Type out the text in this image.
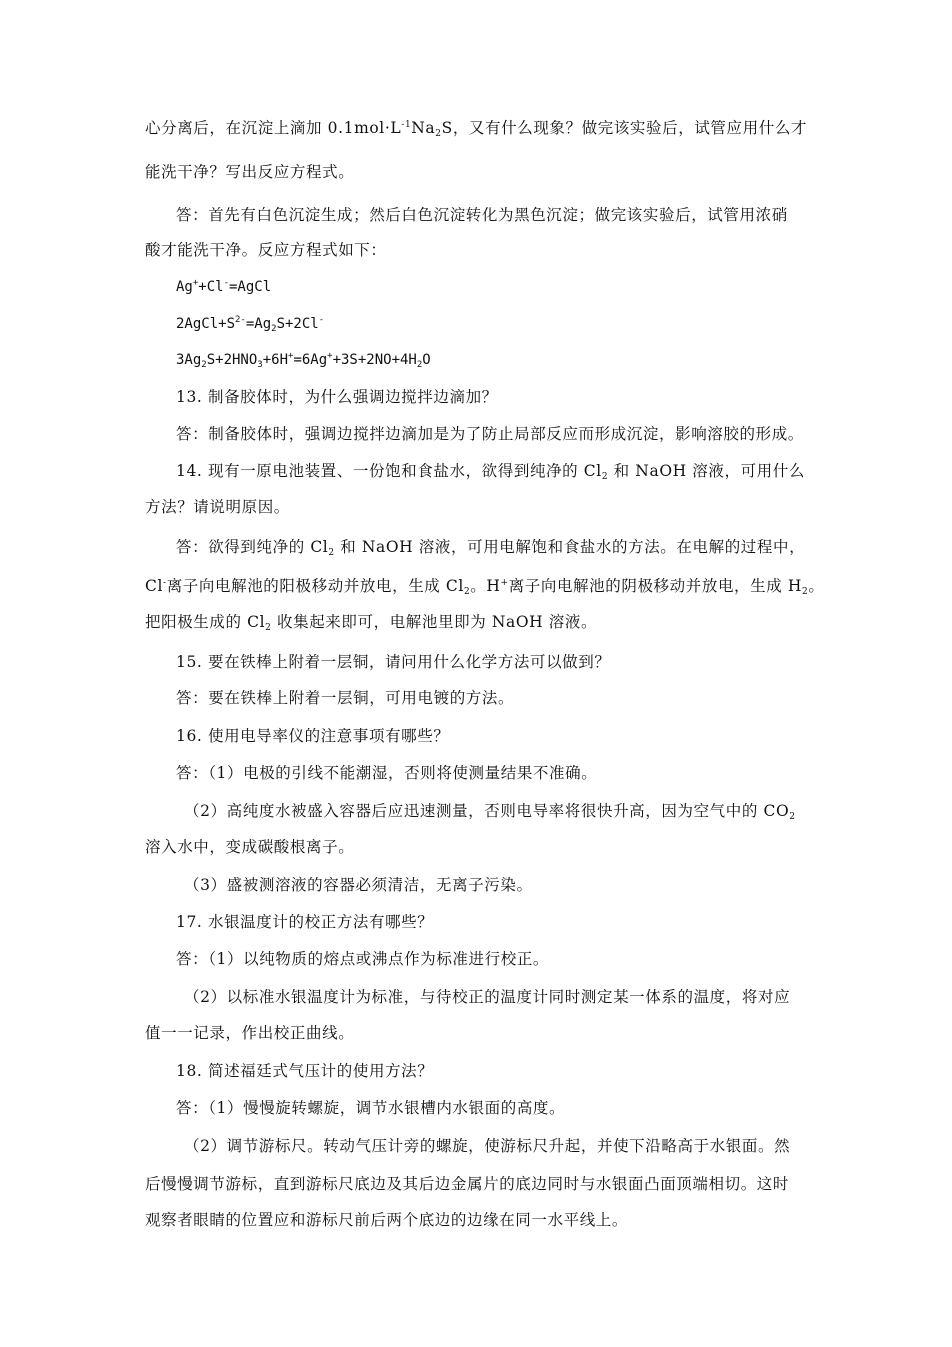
心分离后，在沉淀上滴加 $0.1mol\cdot L^{-1}Na_2S$，又有什么现象？做完该实验后，试管应用什么才
能洗干净？写出反应方程式。
答：首先有白色沉淀生成；然后白色沉淀转化为黑色沉淀；做完该实验后，试管用浓硝
酸才能洗干净。反应方程式如下：
Ag++Cl-=AgCl
$2AgCl+S^{2-}=Ag_2S+2Cl^-$
$3Ag_2S+2HNO_3+6H^+=6Ag^++3S+2NO+4H_2O$
13. 制备胶体时，为什么强调边搅拌边滴加？
答：制备胶体时，强调边搅拌边滴加是为了防止局部反应而形成沉淀，影响溶胶的形成。
14. 现有一原电池装置、一份饱和食盐水，欲得到纯净的 $Cl_2$ 和 NaOH 溶液，可用什么
方法？请说明原因。
答：欲得到纯净的 $Cl_2$ 和 NaOH 溶液，可用电解饱和食盐水的方法。在电解的过程中，
Cl-离子向电解池的阳极移动并放电，生成 $Cl_2$。H+离子向电解池的阴极移动并放电，生成 $H_2$。
把阳极生成的 $Cl_2$ 收集起来即可，电解池里即为 NaOH 溶液。
15. 要在铁棒上附着一层铜，请问用什么化学方法可以做到？
答：要在铁棒上附着一层铜，可用电镀的方法。
16. 使用电导率仪的注意事项有哪些？
答：（1）电极的引线不能潮湿，否则将使测量结果不准确。
（2）高纯度水被盛入容器后应迅速测量，否则电导率将很快升高，因为空气中的 $CO_2$
溶入水中，变成碳酸根离子。
（3）盛被测溶液的容器必须清洁，无离子污染。
17. 水银温度计的校正方法有哪些？
答：（1）以纯物质的熔点或沸点作为标准进行校正。
（2）以标准水银温度计为标准，与待校正的温度计同时测定某一体系的温度，将对应
值一一记录，作出校正曲线。
18. 简述福廷式气压计的使用方法？
答：（1）慢慢旋转螺旋，调节水银槽内水银面的高度。
（2）调节游标尺。转动气压计旁的螺旋，使游标尺升起，并使下沿略高于水银面。然
后慢慢调节游标，直到游标尺底边及其后边金属片的底边同时与水银面凸面顶端相切。这时
观察者眼睛的位置应和游标尺前后两个底边的边缘在同一水平线上。
